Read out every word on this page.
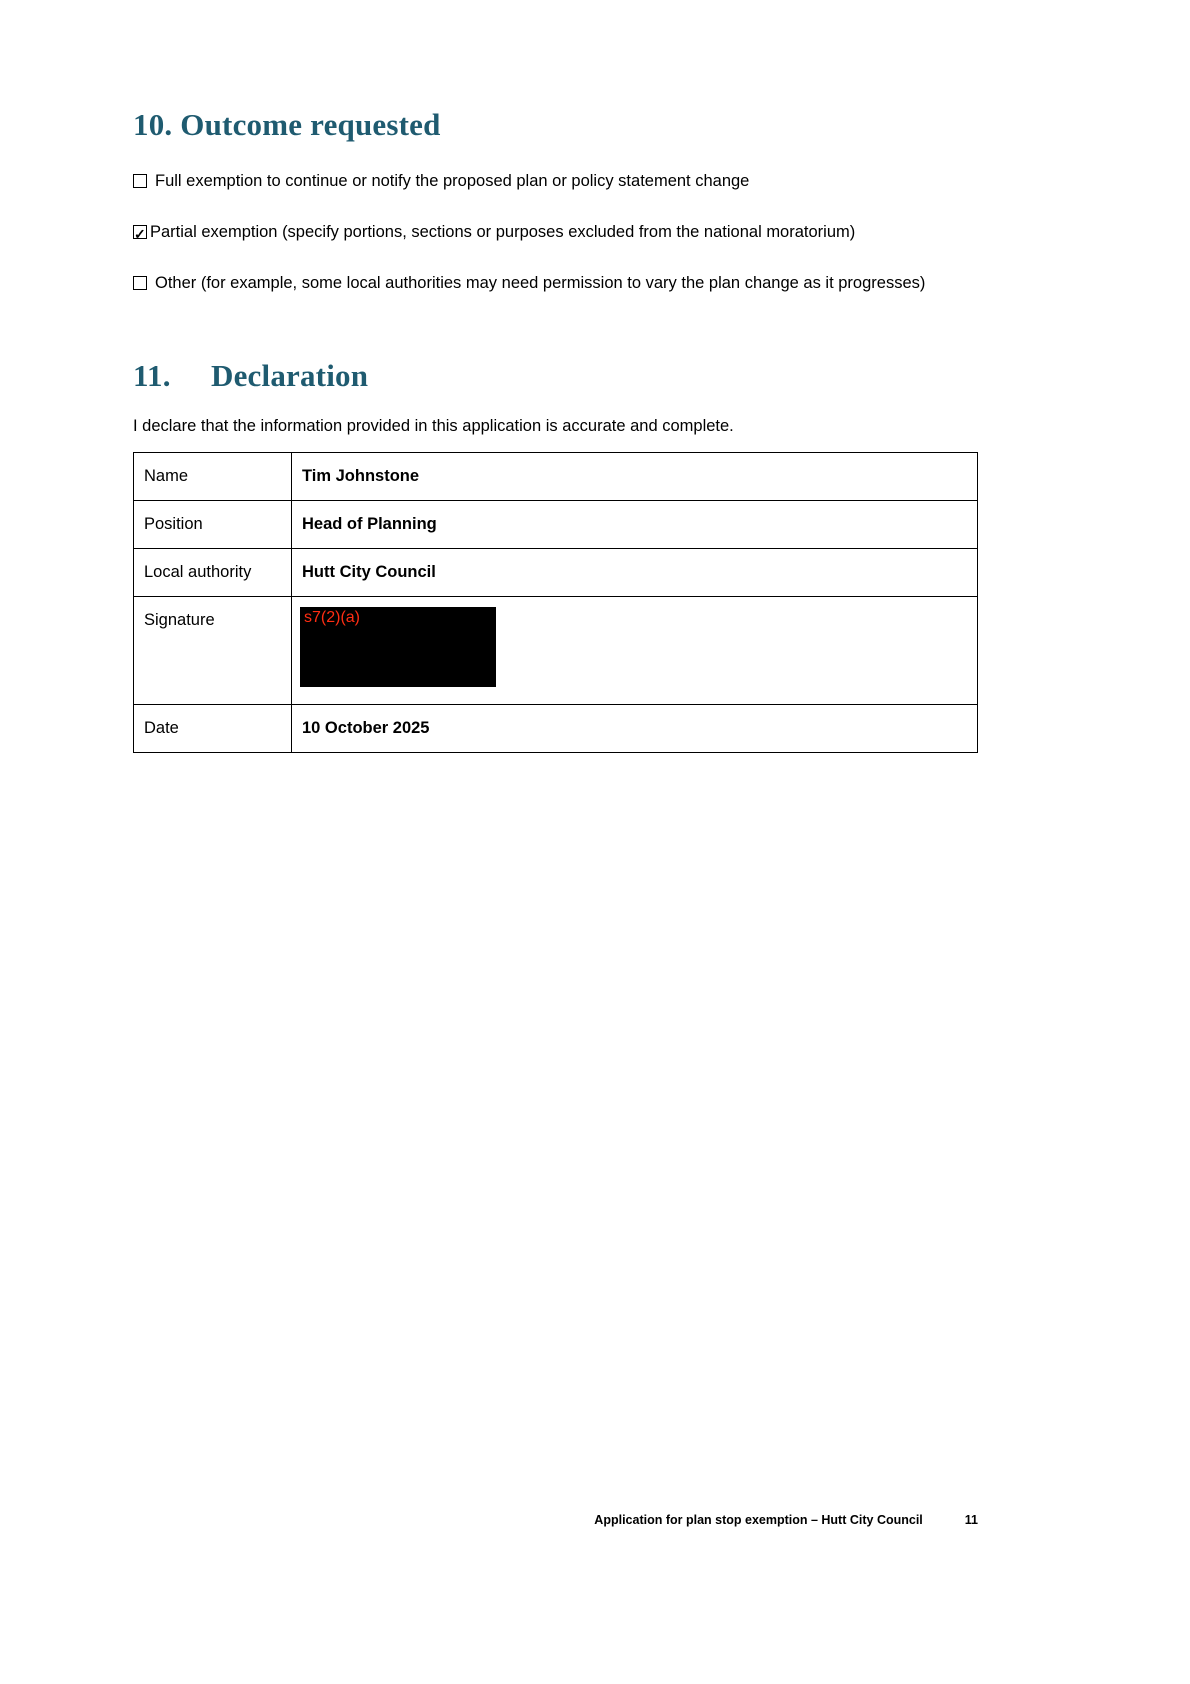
10. Outcome requested

Full exemption to continue or notify the proposed plan or policy statement change

✓Partial exemption (specify portions, sections or purposes excluded from the national moratorium)

Other (for example, some local authorities may need permission to vary the plan change as it progresses)

11. Declaration

I declare that the information provided in this application is accurate and complete.

Name	Tim Johnstone
Position	Head of Planning
Local authority	Hutt City Council
Signature	s7(2)(a)

Date	10 October 2025
Application for plan stop exemption – Hutt City Council	11
